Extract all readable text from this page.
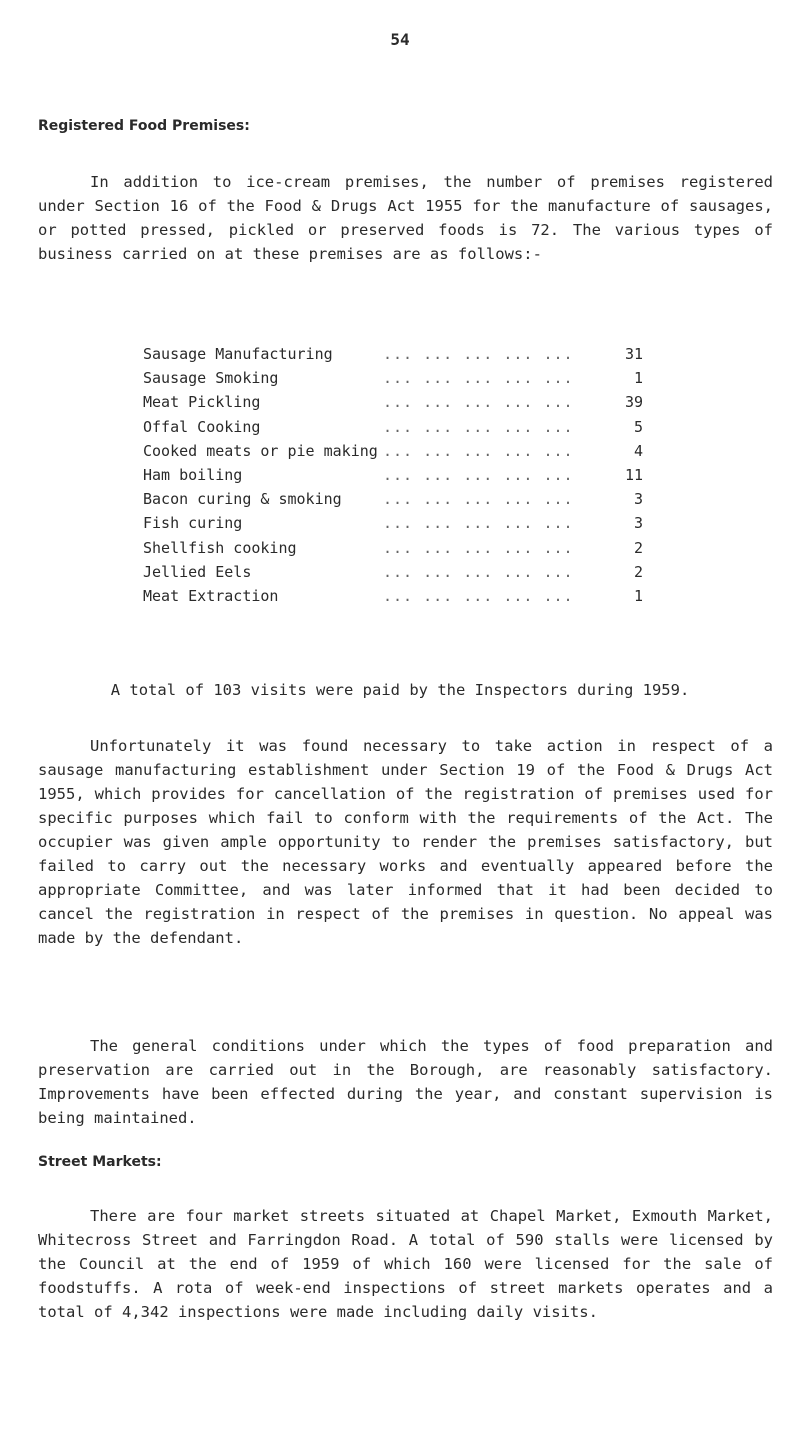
54
Registered Food Premises:

In addition to ice-cream premises, the number of premises registered under Section 16 of the Food & Drugs Act 1955 for the manufacture of sausages, or potted pressed, pickled or preserved foods is 72. The various types of business carried on at these premises are as follows:-

Sausage Manufacturing	... ... ... ... ...	31
Sausage Smoking	... ... ... ... ...	1
Meat Pickling	... ... ... ... ...	39
Offal Cooking	... ... ... ... ...	5
Cooked meats or pie making	... ... ... ... ...	4
Ham boiling	... ... ... ... ...	11
Bacon curing & smoking	... ... ... ... ...	3
Fish curing	... ... ... ... ...	3
Shellfish cooking	... ... ... ... ...	2
Jellied Eels	... ... ... ... ...	2
Meat Extraction	... ... ... ... ...	1

A total of 103 visits were paid by the Inspectors during 1959.

Unfortunately it was found necessary to take action in respect of a sausage manufacturing establishment under Section 19 of the Food & Drugs Act 1955, which provides for cancellation of the registration of premises used for specific purposes which fail to conform with the requirements of the Act. The occupier was given ample opportunity to render the premises satisfactory, but failed to carry out the necessary works and eventually appeared before the appropriate Committee, and was later informed that it had been decided to cancel the registration in respect of the premises in question. No appeal was made by the defendant.

The general conditions under which the types of food preparation and preservation are carried out in the Borough, are reasonably satisfactory. Improvements have been effected during the year, and constant supervision is being maintained.

Street Markets:

There are four market streets situated at Chapel Market, Exmouth Market, Whitecross Street and Farringdon Road. A total of 590 stalls were licensed by the Council at the end of 1959 of which 160 were licensed for the sale of foodstuffs. A rota of week-end inspections of street markets operates and a total of 4,342 inspections were made including daily visits.
